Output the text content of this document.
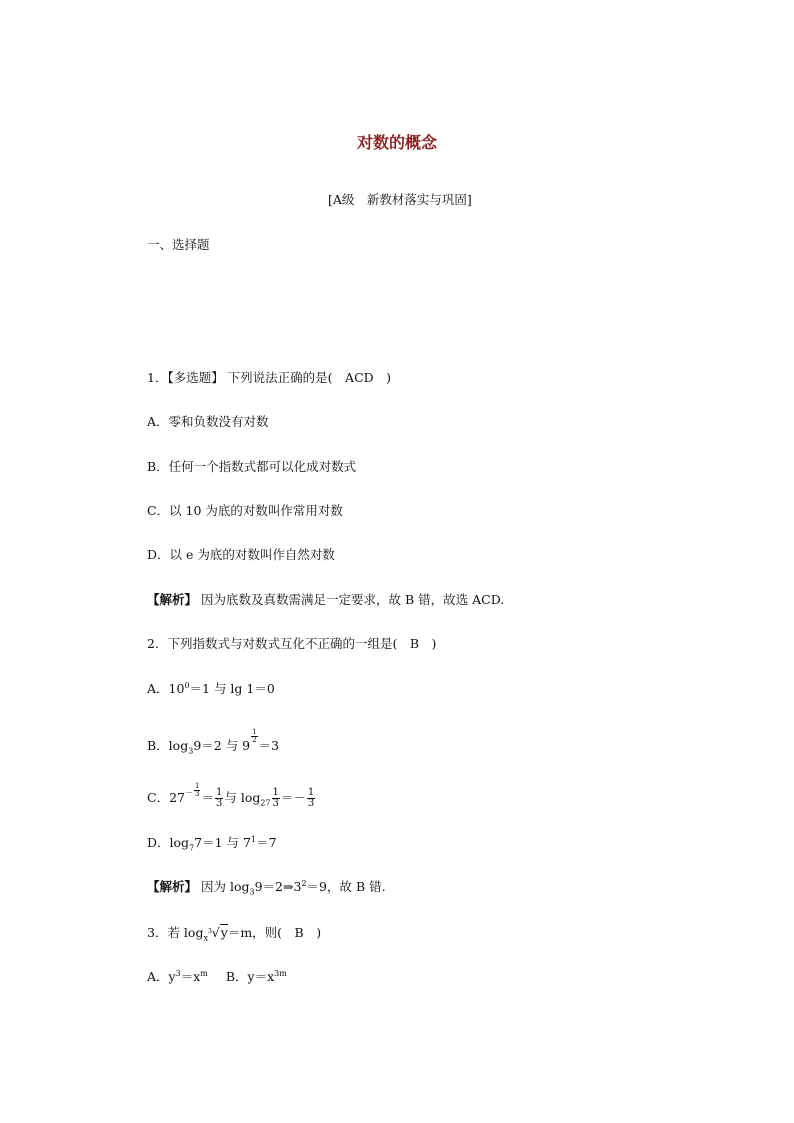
对数的概念
[A级　新教材落实与巩固]
一、选择题
1．【多选题】 下列说法正确的是(　ACD　)
A．零和负数没有对数
B．任何一个指数式都可以化成对数式
C．以 10 为底的对数叫作常用对数
D．以 e 为底的对数叫作自然对数
【解析】 因为底数及真数需满足一定要求，故 B 错，故选 ACD.
2．下列指数式与对数式互化不正确的一组是(　B　)
A．$10^0=1$ 与 lg 1＝0
B．$\log_39=2$ 与 9
$\frac{1}{2}$
＝3
C．$27^- \frac{1}{3} = \frac{1}{3}$ 与 $\log_{27} \frac{1}{3} =- \frac{1}{3}$
D．$\log_77=1$ 与 $7^1=7$
【解析】 因为 $\log_39=2\Rightarrow 3^2=9$，故 B 错.
3．若 $\log_x^3√y=m$，则(　B　)
A．$y^3=x^m$ B．$y=x^{3m}$
